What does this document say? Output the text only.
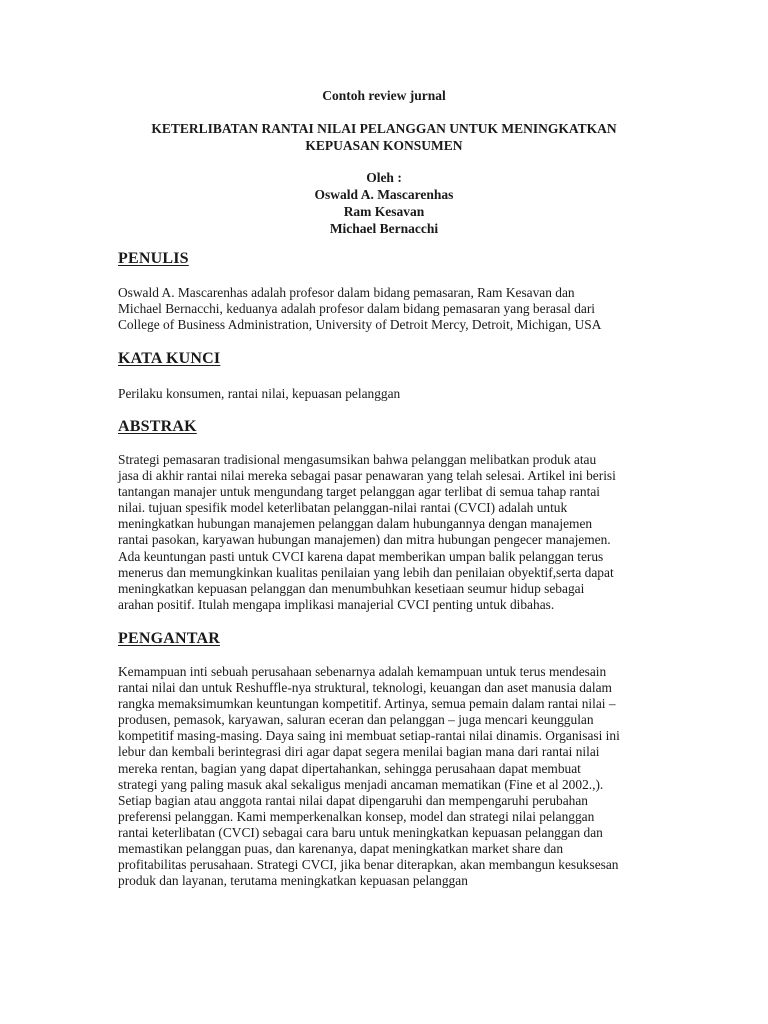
Contoh review jurnal
KETERLIBATAN RANTAI NILAI PELANGGAN UNTUK MENINGKATKAN
KEPUASAN KONSUMEN
Oleh :
Oswald A. Mascarenhas
Ram Kesavan
Michael Bernacchi
PENULIS
Oswald A. Mascarenhas adalah profesor dalam bidang pemasaran, Ram Kesavan dan
Michael Bernacchi, keduanya adalah profesor dalam bidang pemasaran yang berasal dari
College of Business Administration, University of Detroit Mercy, Detroit, Michigan, USA
KATA KUNCI
Perilaku konsumen, rantai nilai, kepuasan pelanggan
ABSTRAK
Strategi pemasaran tradisional mengasumsikan bahwa pelanggan melibatkan produk atau
jasa di akhir rantai nilai mereka sebagai pasar penawaran yang telah selesai. Artikel ini berisi
tantangan manajer untuk mengundang target pelanggan agar terlibat di semua tahap rantai
nilai. tujuan spesifik model keterlibatan pelanggan-nilai rantai (CVCI) adalah untuk
meningkatkan hubungan manajemen pelanggan dalam hubungannya dengan manajemen
rantai pasokan, karyawan hubungan manajemen) dan mitra hubungan pengecer manajemen.
Ada keuntungan pasti untuk CVCI karena dapat memberikan umpan balik pelanggan terus
menerus dan memungkinkan kualitas penilaian yang lebih dan penilaian obyektif,serta dapat
meningkatkan kepuasan pelanggan dan menumbuhkan kesetiaan seumur hidup sebagai
arahan positif. Itulah mengapa implikasi manajerial CVCI penting untuk dibahas.
PENGANTAR
Kemampuan inti sebuah perusahaan sebenarnya adalah kemampuan untuk terus mendesain
rantai nilai dan untuk Reshuffle-nya struktural, teknologi, keuangan dan aset manusia dalam
rangka memaksimumkan keuntungan kompetitif. Artinya, semua pemain dalam rantai nilai –
produsen, pemasok, karyawan, saluran eceran dan pelanggan – juga mencari keunggulan
kompetitif masing-masing. Daya saing ini membuat setiap-rantai nilai dinamis. Organisasi ini
lebur dan kembali berintegrasi diri agar dapat segera menilai bagian mana dari rantai nilai
mereka rentan, bagian yang dapat dipertahankan, sehingga perusahaan dapat membuat
strategi yang paling masuk akal sekaligus menjadi ancaman mematikan (Fine et al 2002.,).
Setiap bagian atau anggota rantai nilai dapat dipengaruhi dan mempengaruhi perubahan
preferensi pelanggan. Kami memperkenalkan konsep, model dan strategi nilai pelanggan
rantai keterlibatan (CVCI) sebagai cara baru untuk meningkatkan kepuasan pelanggan dan
memastikan pelanggan puas, dan karenanya, dapat meningkatkan market share dan
profitabilitas perusahaan. Strategi CVCI, jika benar diterapkan, akan membangun kesuksesan
produk dan layanan, terutama meningkatkan kepuasan pelanggan
